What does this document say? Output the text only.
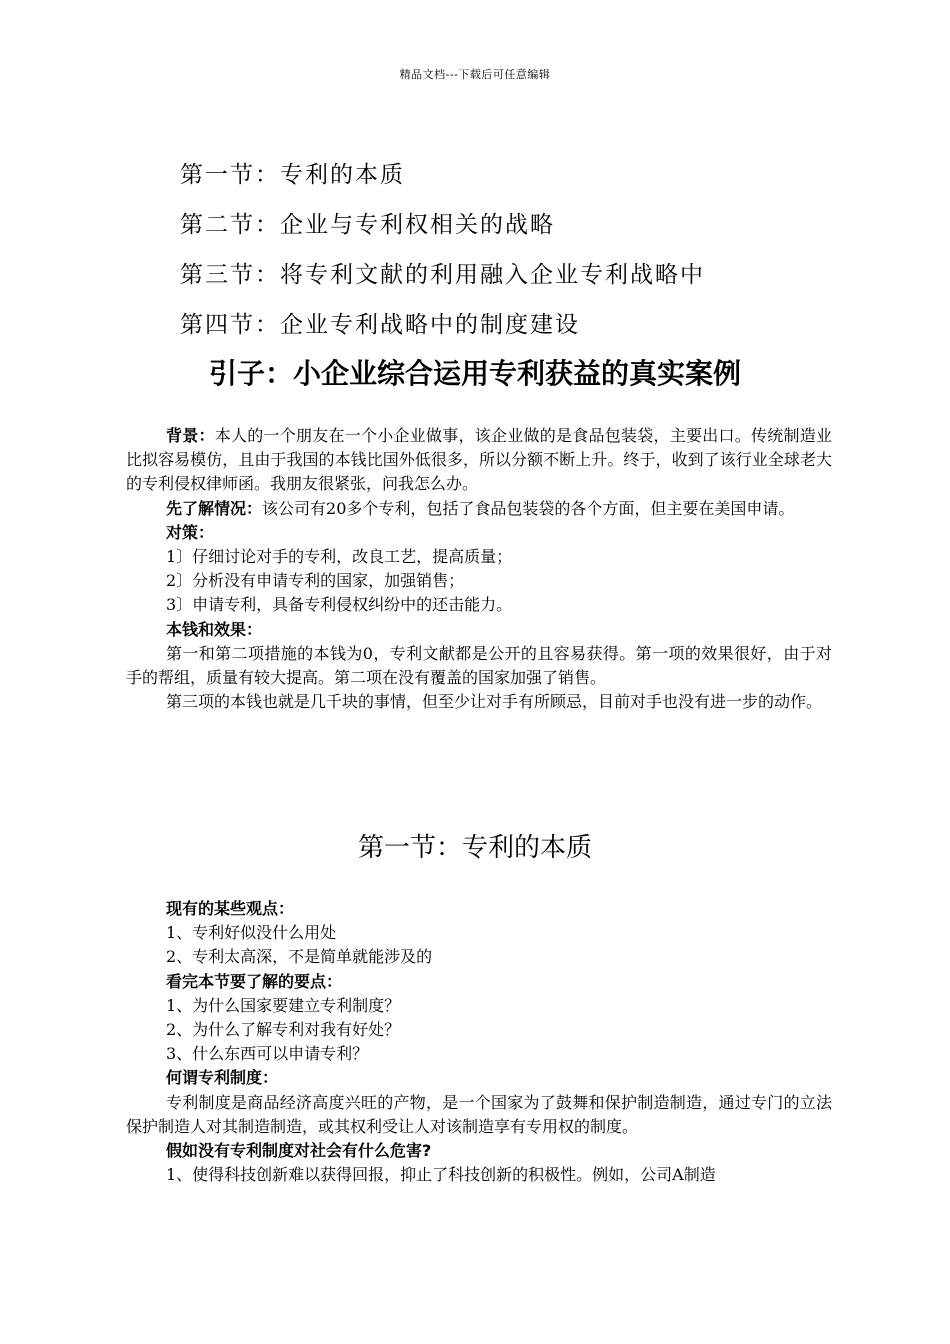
精品文档---下载后可任意编辑
第一节：专利的本质
第二节：企业与专利权相关的战略
第三节：将专利文献的利用融入企业专利战略中
第四节：企业专利战略中的制度建设
引子：小企业综合运用专利获益的真实案例

背景：本人的一个朋友在一个小企业做事，该企业做的是食品包装袋，主要出口。传统制造业比拟容易模仿，且由于我国的本钱比国外低很多，所以分额不断上升。终于，收到了该行业全球老大的专利侵权律师函。我朋友很紧张，问我怎么办。

先了解情况：该公司有20多个专利，包括了食品包装袋的各个方面，但主要在美国申请。

对策：

1〕仔细讨论对手的专利，改良工艺，提高质量；

2〕分析没有申请专利的国家，加强销售；

3〕申请专利，具备专利侵权纠纷中的还击能力。

本钱和效果：

第一和第二项措施的本钱为0，专利文献都是公开的且容易获得。第一项的效果很好，由于对手的帮组，质量有较大提高。第二项在没有覆盖的国家加强了销售。

第三项的本钱也就是几千块的事情，但至少让对手有所顾忌，目前对手也没有进一步的动作。

第一节：专利的本质

现有的某些观点：

1、专利好似没什么用处

2、专利太高深，不是简单就能涉及的

看完本节要了解的要点：

1、为什么国家要建立专利制度？

2、为什么了解专利对我有好处？

3、什么东西可以申请专利？

何谓专利制度：

专利制度是商品经济高度兴旺的产物，是一个国家为了鼓舞和保护制造制造，通过专门的立法保护制造人对其制造制造，或其权利受让人对该制造享有专用权的制度。

假如没有专利制度对社会有什么危害?

1、使得科技创新难以获得回报，抑止了科技创新的积极性。例如，公司A制造
